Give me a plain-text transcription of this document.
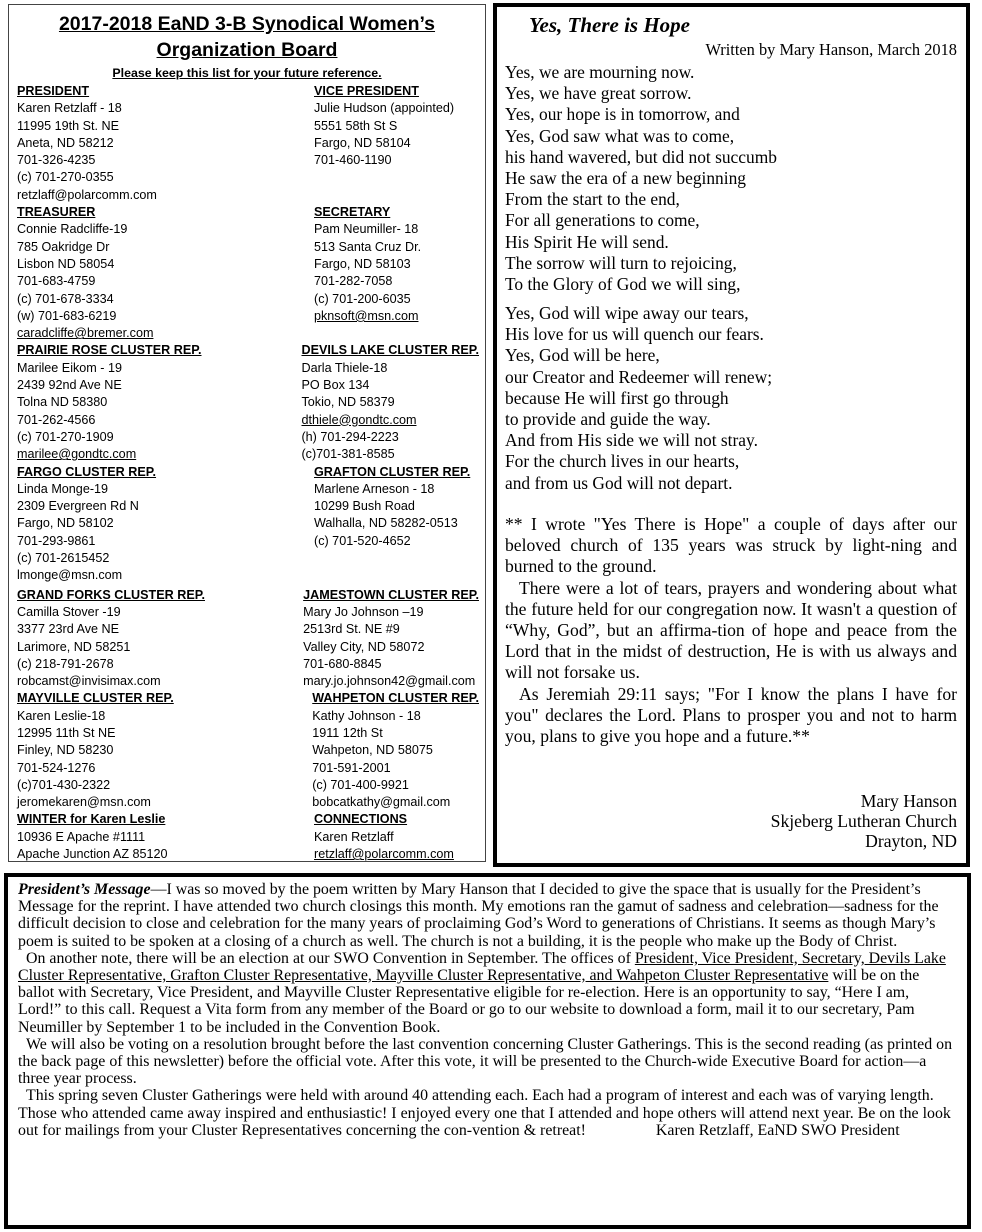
2017-2018 EaND 3-B Synodical Women’s
Organization Board
Please keep this list for your future reference.
PRESIDENT
Karen Retzlaff - 18
11995 19th St. NE
Aneta, ND 58212
701-326-4235
(c) 701-270-0355
retzlaff@polarcomm.com
VICE PRESIDENT
Julie Hudson (appointed)
5551 58th St S
Fargo, ND 58104
701-460-1190
TREASURER
Connie Radcliffe-19
785 Oakridge Dr
Lisbon ND 58054
701-683-4759
(c) 701-678-3334
(w) 701-683-6219
caradcliffe@bremer.com
SECRETARY
Pam Neumiller- 18
513 Santa Cruz Dr.
Fargo, ND 58103
701-282-7058
(c) 701-200-6035
pknsoft@msn.com
PRAIRIE ROSE CLUSTER REP.
Marilee Eikom - 19
2439 92nd Ave NE
Tolna ND 58380
701-262-4566
(c) 701-270-1909
marilee@gondtc.com
DEVILS LAKE CLUSTER REP.
Darla Thiele-18
PO Box 134
Tokio, ND 58379
dthiele@gondtc.com
(h) 701-294-2223
(c)701-381-8585
FARGO CLUSTER REP.
Linda Monge-19
2309 Evergreen Rd N
Fargo, ND 58102
701-293-9861
(c) 701-2615452
lmonge@msn.com
GRAFTON CLUSTER REP.
Marlene Arneson - 18
10299 Bush Road
Walhalla, ND 58282-0513
(c) 701-520-4652
GRAND FORKS CLUSTER REP.
Camilla Stover -19
3377 23rd Ave NE
Larimore, ND 58251
(c) 218-791-2678
robcamst@invisimax.com
JAMESTOWN CLUSTER REP.
Mary Jo Johnson –19
2513rd St. NE #9
Valley City, ND 58072
701-680-8845
mary.jo.johnson42@gmail.com
MAYVILLE CLUSTER REP.
Karen Leslie-18
12995 11th St NE
Finley, ND 58230
701-524-1276
(c)701-430-2322
jeromekaren@msn.com
WAHPETON CLUSTER REP.
Kathy Johnson - 18
1911 12th St
Wahpeton, ND 58075
701-591-2001
(c) 701-400-9921
bobcatkathy@gmail.com
WINTER for Karen Leslie
10936 E Apache #1111
Apache Junction AZ 85120
CONNECTIONS
Karen Retzlaff
retzlaff@polarcomm.com
Yes, There is Hope
Written by Mary Hanson, March 2018
Yes, we are mourning now.
Yes, we have great sorrow.
Yes, our hope is in tomorrow, and
Yes, God saw what was to come,
his hand wavered, but did not succumb
He saw the era of a new beginning
From the start to the end,
For all generations to come,
His Spirit He will send.
The sorrow will turn to rejoicing,
To the Glory of God we will sing,
Yes, God will wipe away our tears,
His love for us will quench our fears.
Yes, God will be here,
our Creator and Redeemer will renew;
because He will first go through
to provide and guide the way.
And from His side we will not stray.
For the church lives in our hearts,
and from us God will not depart.

** I wrote "Yes There is Hope" a couple of days after our beloved church of 135 years was struck by light-ning and burned to the ground.

There were a lot of tears, prayers and wondering about what the future held for our congregation now. It wasn't a question of “Why, God”, but an affirma-tion of hope and peace from the Lord that in the midst of destruction, He is with us always and will not forsake us.

As Jeremiah 29:11 says; "For I know the plans I have for you" declares the Lord. Plans to prosper you and not to harm you, plans to give you hope and a future.**

Mary Hanson
Skjeberg Lutheran Church
Drayton, ND

President’s Message—I was so moved by the poem written by Mary Hanson that I decided to give the space that is usually for the President’s Message for the reprint. I have attended two church closings this month. My emotions ran the gamut of sadness and celebration—sadness for the difficult decision to close and celebration for the many years of proclaiming God’s Word to generations of Christians. It seems as though Mary’s poem is suited to be spoken at a closing of a church as well. The church is not a building, it is the people who make up the Body of Christ.

On another note, there will be an election at our SWO Convention in September. The offices of President, Vice President, Secretary, Devils Lake Cluster Representative, Grafton Cluster Representative, Mayville Cluster Representative, and Wahpeton Cluster Representative will be on the ballot with Secretary, Vice President, and Mayville Cluster Representative eligible for re-election. Here is an opportunity to say, “Here I am, Lord!” to this call. Request a Vita form from any member of the Board or go to our website to download a form, mail it to our secretary, Pam Neumiller by September 1 to be included in the Convention Book.

We will also be voting on a resolution brought before the last convention concerning Cluster Gatherings. This is the second reading (as printed on the back page of this newsletter) before the official vote. After this vote, it will be presented to the Church-wide Executive Board for action—a three year process.

This spring seven Cluster Gatherings were held with around 40 attending each. Each had a program of interest and each was of varying length. Those who attended came away inspired and enthusiastic! I enjoyed every one that I attended and hope others will attend next year. Be on the look out for mailings from your Cluster Representatives concerning the con-vention & retreat!	Karen Retzlaff, EaND SWO President
